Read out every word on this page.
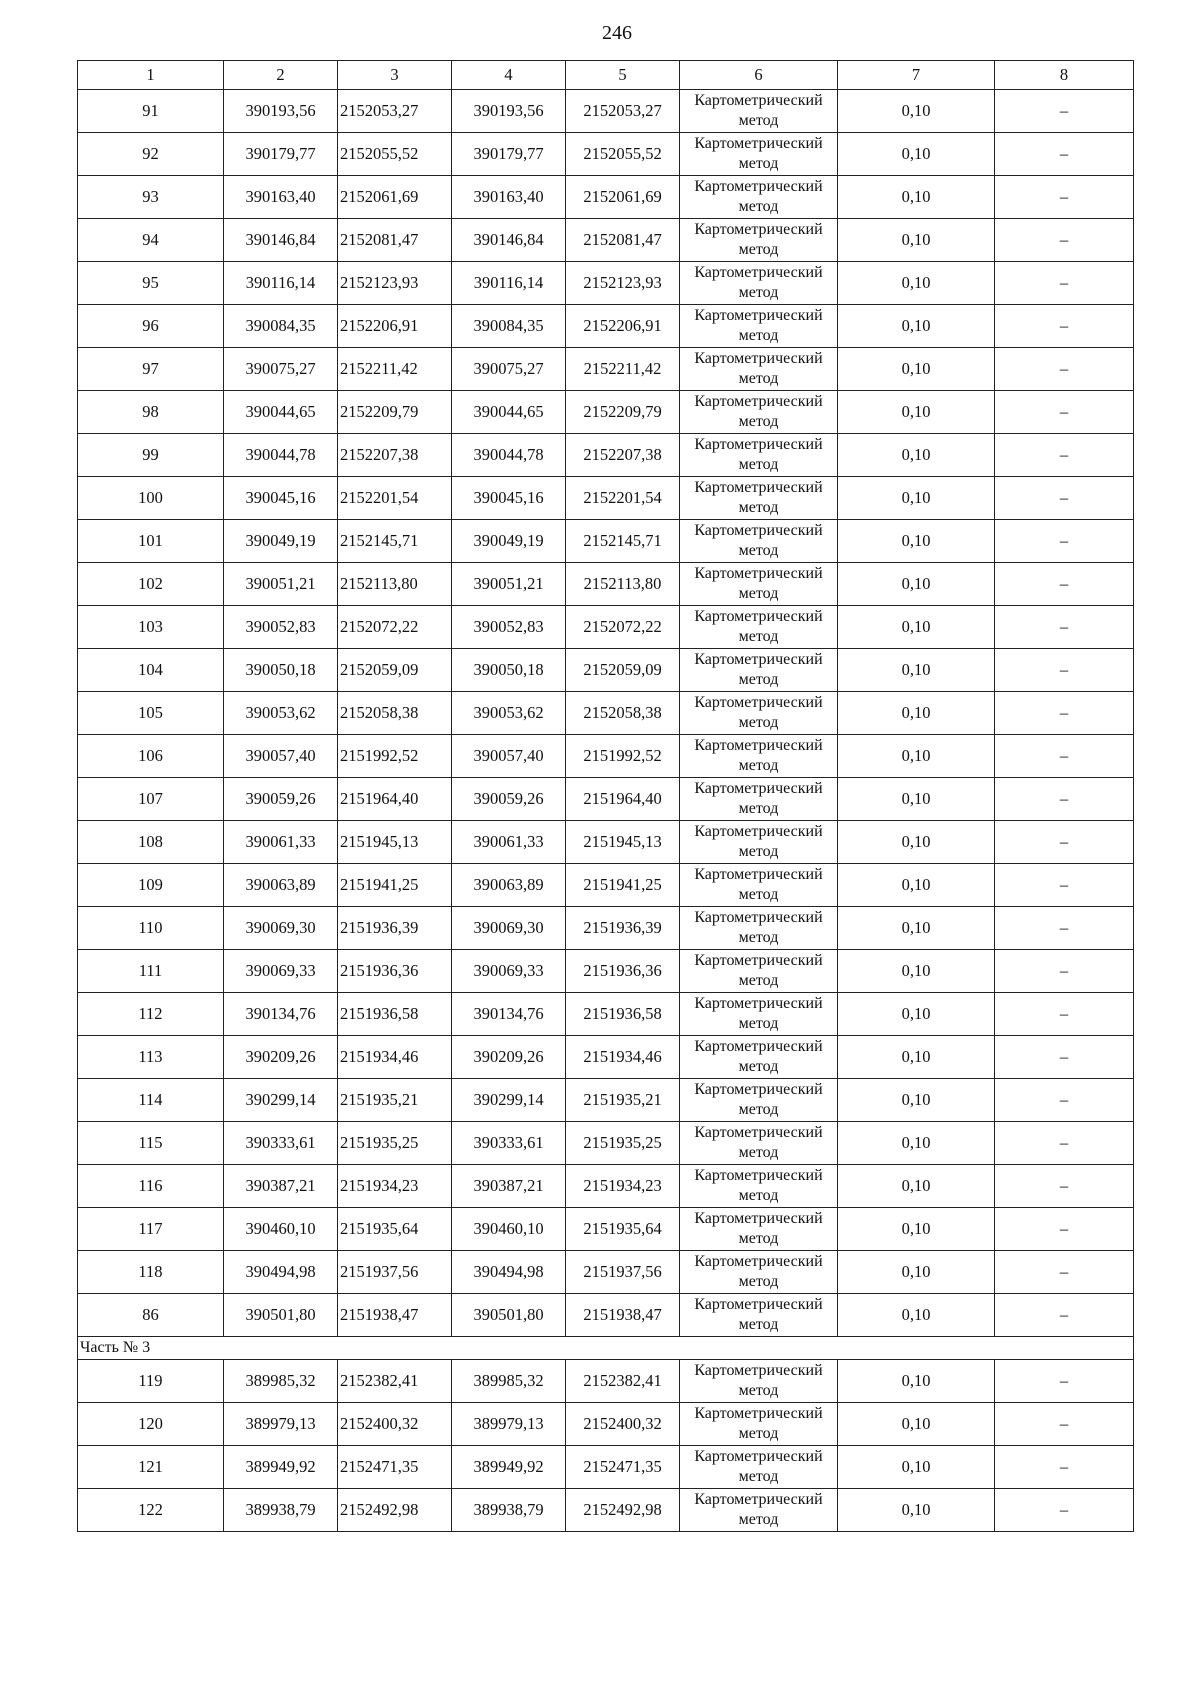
246
1	2	3	4	5	6	7	8
91	390193,56	2152053,27	390193,56	2152053,27	Картометрический метод	0,10	–
92	390179,77	2152055,52	390179,77	2152055,52	Картометрический метод	0,10	–
93	390163,40	2152061,69	390163,40	2152061,69	Картометрический метод	0,10	–
94	390146,84	2152081,47	390146,84	2152081,47	Картометрический метод	0,10	–
95	390116,14	2152123,93	390116,14	2152123,93	Картометрический метод	0,10	–
96	390084,35	2152206,91	390084,35	2152206,91	Картометрический метод	0,10	–
97	390075,27	2152211,42	390075,27	2152211,42	Картометрический метод	0,10	–
98	390044,65	2152209,79	390044,65	2152209,79	Картометрический метод	0,10	–
99	390044,78	2152207,38	390044,78	2152207,38	Картометрический метод	0,10	–
100	390045,16	2152201,54	390045,16	2152201,54	Картометрический метод	0,10	–
101	390049,19	2152145,71	390049,19	2152145,71	Картометрический метод	0,10	–
102	390051,21	2152113,80	390051,21	2152113,80	Картометрический метод	0,10	–
103	390052,83	2152072,22	390052,83	2152072,22	Картометрический метод	0,10	–
104	390050,18	2152059,09	390050,18	2152059,09	Картометрический метод	0,10	–
105	390053,62	2152058,38	390053,62	2152058,38	Картометрический метод	0,10	–
106	390057,40	2151992,52	390057,40	2151992,52	Картометрический метод	0,10	–
107	390059,26	2151964,40	390059,26	2151964,40	Картометрический метод	0,10	–
108	390061,33	2151945,13	390061,33	2151945,13	Картометрический метод	0,10	–
109	390063,89	2151941,25	390063,89	2151941,25	Картометрический метод	0,10	–
110	390069,30	2151936,39	390069,30	2151936,39	Картометрический метод	0,10	–
111	390069,33	2151936,36	390069,33	2151936,36	Картометрический метод	0,10	–
112	390134,76	2151936,58	390134,76	2151936,58	Картометрический метод	0,10	–
113	390209,26	2151934,46	390209,26	2151934,46	Картометрический метод	0,10	–
114	390299,14	2151935,21	390299,14	2151935,21	Картометрический метод	0,10	–
115	390333,61	2151935,25	390333,61	2151935,25	Картометрический метод	0,10	–
116	390387,21	2151934,23	390387,21	2151934,23	Картометрический метод	0,10	–
117	390460,10	2151935,64	390460,10	2151935,64	Картометрический метод	0,10	–
118	390494,98	2151937,56	390494,98	2151937,56	Картометрический метод	0,10	–
86	390501,80	2151938,47	390501,80	2151938,47	Картометрический метод	0,10	–
Часть № 3							
119	389985,32	2152382,41	389985,32	2152382,41	Картометрический метод	0,10	–
120	389979,13	2152400,32	389979,13	2152400,32	Картометрический метод	0,10	–
121	389949,92	2152471,35	389949,92	2152471,35	Картометрический метод	0,10	–
122	389938,79	2152492,98	389938,79	2152492,98	Картометрический метод	0,10	–
